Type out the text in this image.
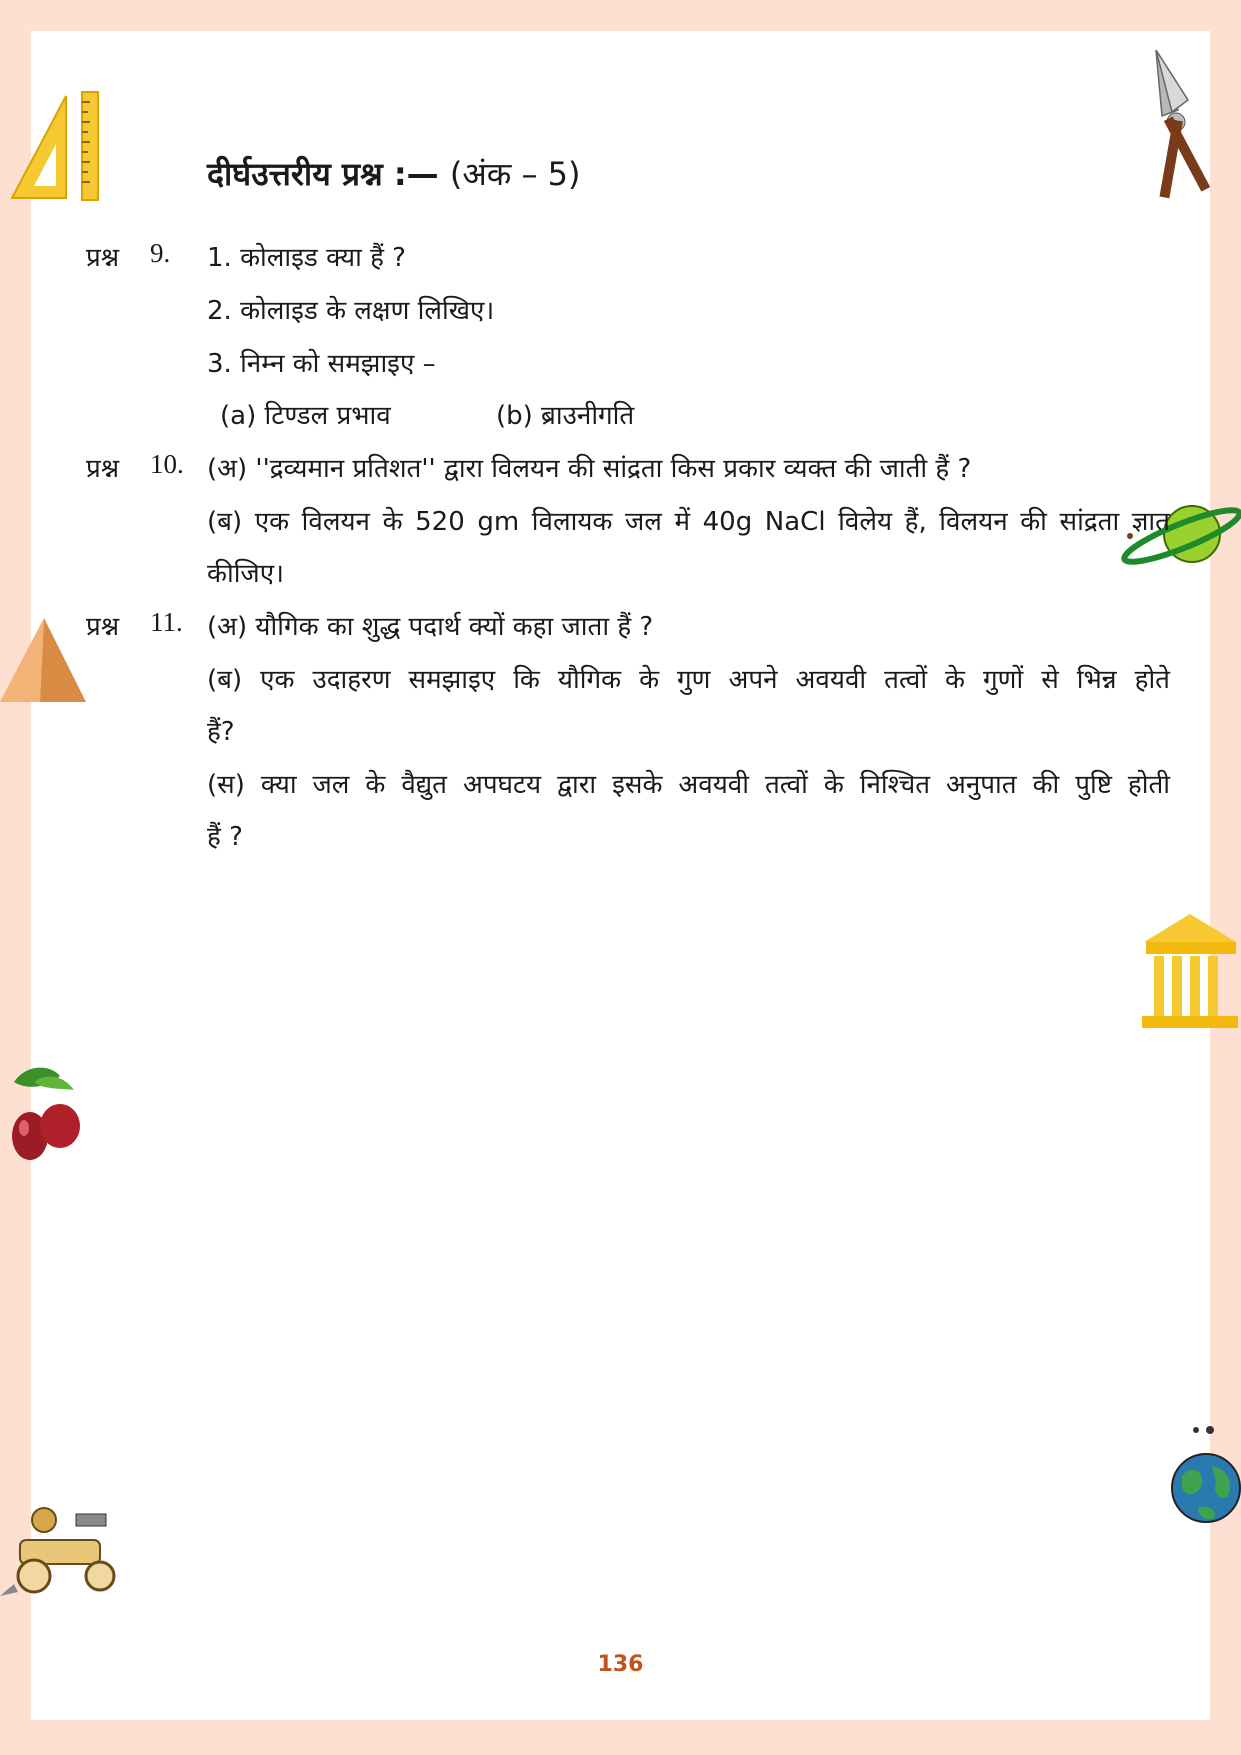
दीर्घउत्तरीय प्रश्न :— (अंक – 5)
प्रश्न 9. 1. कोलाइड क्या हैं ?
2. कोलाइड के लक्षण लिखिए।
3. निम्न को समझाइए –
(a) टिण्डल प्रभाव	(b) ब्राउनीगति
प्रश्न 10. (अ) ''द्रव्यमान प्रतिशत'' द्वारा विलयन की सांद्रता किस प्रकार व्यक्त की जाती हैं ?
(ब) एक विलयन के 520 gm विलायक जल में 40g NaCl विलेय हैं, विलयन की सांद्रता ज्ञात
कीजिए।
प्रश्न 11. (अ) यौगिक का शुद्ध पदार्थ क्यों कहा जाता हैं ?
(ब) एक उदाहरण समझाइए कि यौगिक के गुण अपने अवयवी तत्वों के गुणों से भिन्न होते
हैं?
(स) क्या जल के वैद्युत अपघटय द्वारा इसके अवयवी तत्वों के निश्चित अनुपात की पुष्टि होती
हैं ?
136
